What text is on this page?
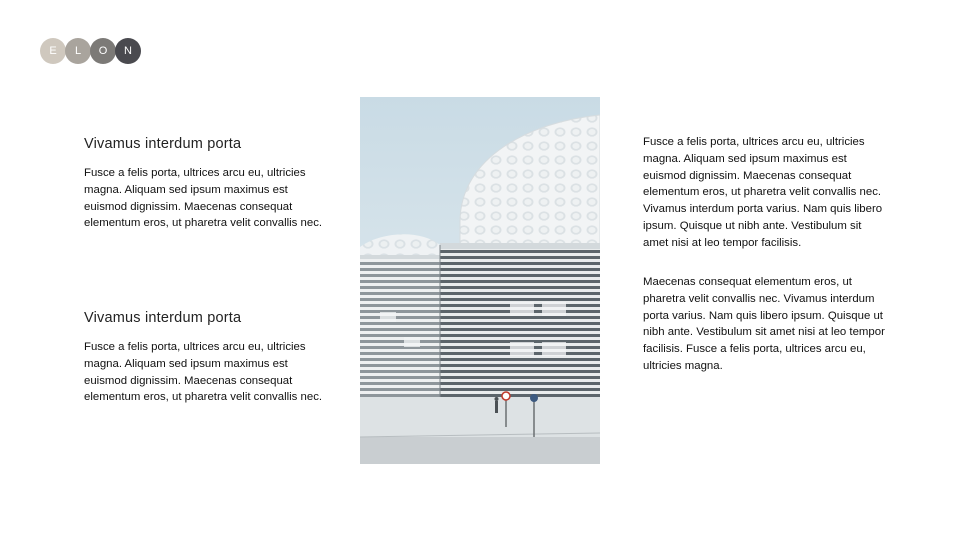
E	L	O	N
Vivamus interdum porta

Fusce a felis porta, ultrices arcu eu, ultricies magna. Aliquam sed ipsum maximus est euismod dignissim. Maecenas consequat elementum eros, ut pharetra velit convallis nec.

Vivamus interdum porta

Fusce a felis porta, ultrices arcu eu, ultricies magna. Aliquam sed ipsum maximus est euismod dignissim. Maecenas consequat elementum eros, ut pharetra velit convallis nec.

Fusce a felis porta, ultrices arcu eu, ultricies magna. Aliquam sed ipsum maximus est euismod dignissim. Maecenas consequat elementum eros, ut pharetra velit convallis nec. Vivamus interdum porta varius. Nam quis libero ipsum. Quisque ut nibh ante. Vestibulum sit amet nisi at leo tempor facilisis.

Maecenas consequat elementum eros, ut pharetra velit convallis nec. Vivamus interdum porta varius. Nam quis libero ipsum. Quisque ut nibh ante. Vestibulum sit amet nisi at leo tempor facilisis. Fusce a felis porta, ultrices arcu eu, ultricies magna.
